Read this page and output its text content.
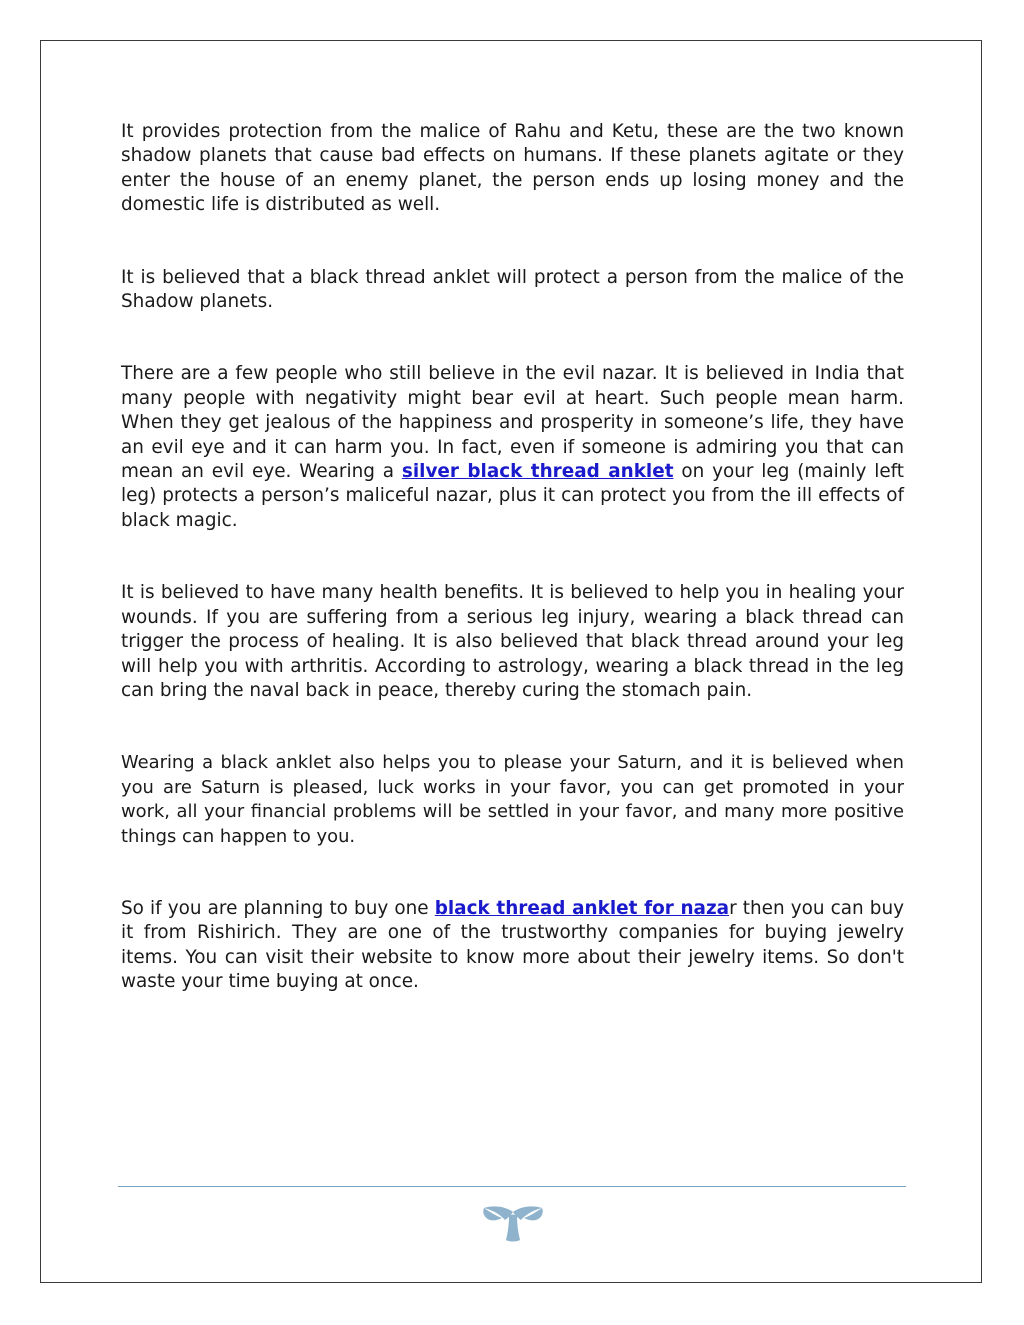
It provides protection from the malice of Rahu and Ketu, these are the two known shadow planets that cause bad effects on humans. If these planets agitate or they enter the house of an enemy planet, the person ends up losing money and the domestic life is distributed as well.

It is believed that a black thread anklet will protect a person from the malice of the Shadow planets.

There are a few people who still believe in the evil nazar. It is believed in India that many people with negativity might bear evil at heart. Such people mean harm. When they get jealous of the happiness and prosperity in someone’s life, they have an evil eye and it can harm you. In fact, even if someone is admiring you that can mean an evil eye. Wearing a silver black thread anklet on your leg (mainly left leg) protects a person’s maliceful nazar, plus it can protect you from the ill effects of black magic.

It is believed to have many health benefits. It is believed to help you in healing your wounds. If you are suffering from a serious leg injury, wearing a black thread can trigger the process of healing. It is also believed that black thread around your leg will help you with arthritis. According to astrology, wearing a black thread in the leg can bring the naval back in peace, thereby curing the stomach pain.

Wearing a black anklet also helps you to please your Saturn, and it is believed when you are Saturn is pleased, luck works in your favor, you can get promoted in your work, all your financial problems will be settled in your favor, and many more positive things can happen to you.

So if you are planning to buy one black thread anklet for nazar then you can buy it from Rishirich. They are one of the trustworthy companies for buying jewelry items. You can visit their website to know more about their jewelry items. So don't waste your time buying at once.
